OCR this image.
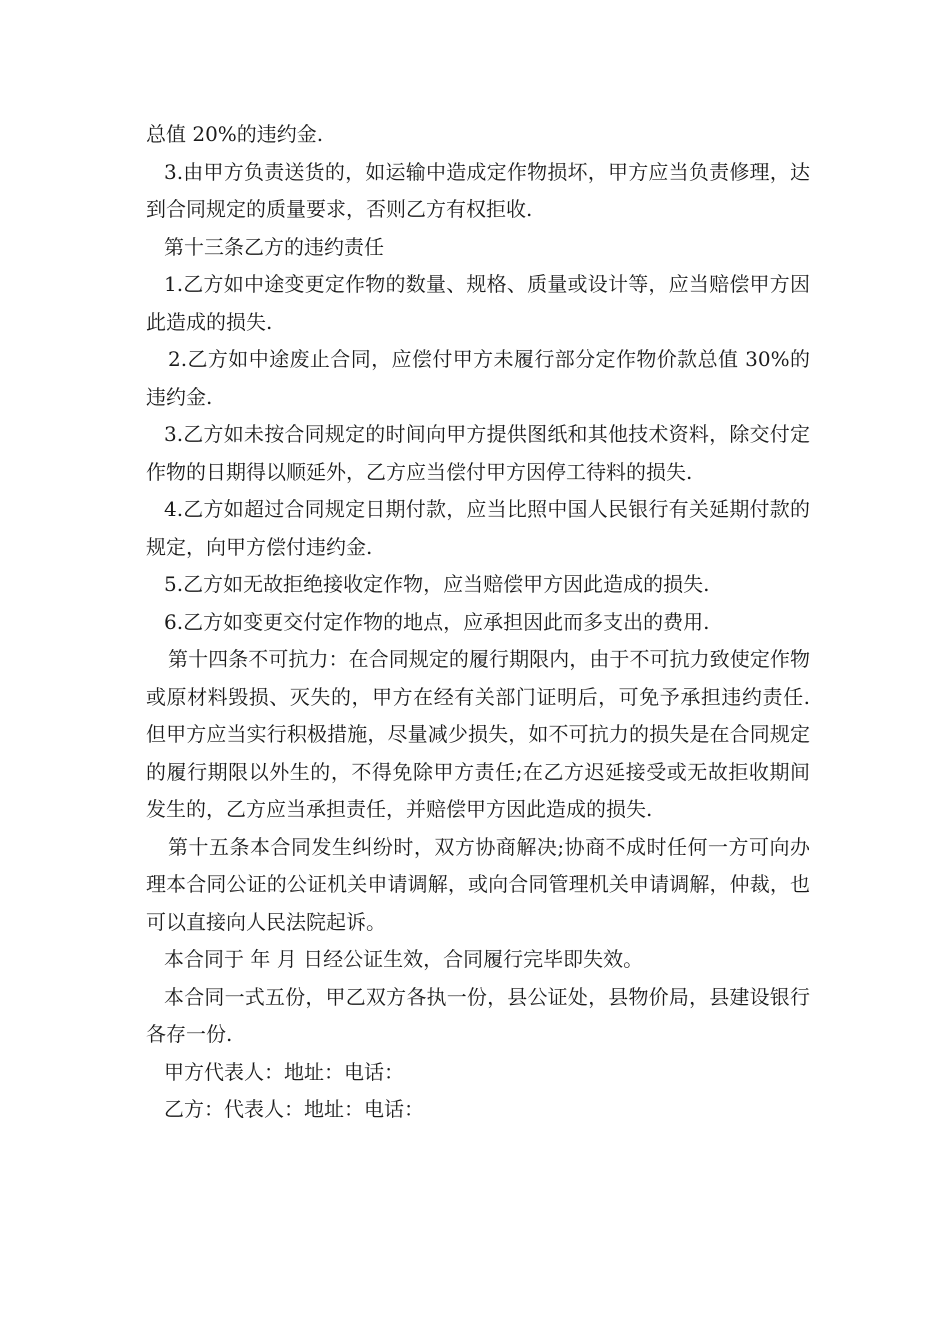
总值 20%的违约金.

3.由甲方负责送货的，如运输中造成定作物损坏，甲方应当负责修理，达到合同规定的质量要求，否则乙方有权拒收.

第十三条乙方的违约责任

1.乙方如中途变更定作物的数量、规格、质量或设计等，应当赔偿甲方因此造成的损失.

2.乙方如中途废止合同，应偿付甲方未履行部分定作物价款总值 30%的违约金.

3.乙方如未按合同规定的时间向甲方提供图纸和其他技术资料，除交付定作物的日期得以顺延外，乙方应当偿付甲方因停工待料的损失.

4.乙方如超过合同规定日期付款，应当比照中国人民银行有关延期付款的规定，向甲方偿付违约金.

5.乙方如无故拒绝接收定作物，应当赔偿甲方因此造成的损失.

6.乙方如变更交付定作物的地点，应承担因此而多支出的费用.

第十四条不可抗力：在合同规定的履行期限内，由于不可抗力致使定作物或原材料毁损、灭失的，甲方在经有关部门证明后，可免予承担违约责任.但甲方应当实行积极措施，尽量减少损失，如不可抗力的损失是在合同规定的履行期限以外生的，不得免除甲方责任;在乙方迟延接受或无故拒收期间发生的，乙方应当承担责任，并赔偿甲方因此造成的损失.

第十五条本合同发生纠纷时，双方协商解决;协商不成时任何一方可向办理本合同公证的公证机关申请调解，或向合同管理机关申请调解，仲裁，也可以直接向人民法院起诉。

本合同于 年 月 日经公证生效，合同履行完毕即失效。

本合同一式五份，甲乙双方各执一份，县公证处，县物价局，县建设银行各存一份.

甲方代表人：地址：电话：

乙方：代表人：地址：电话：
